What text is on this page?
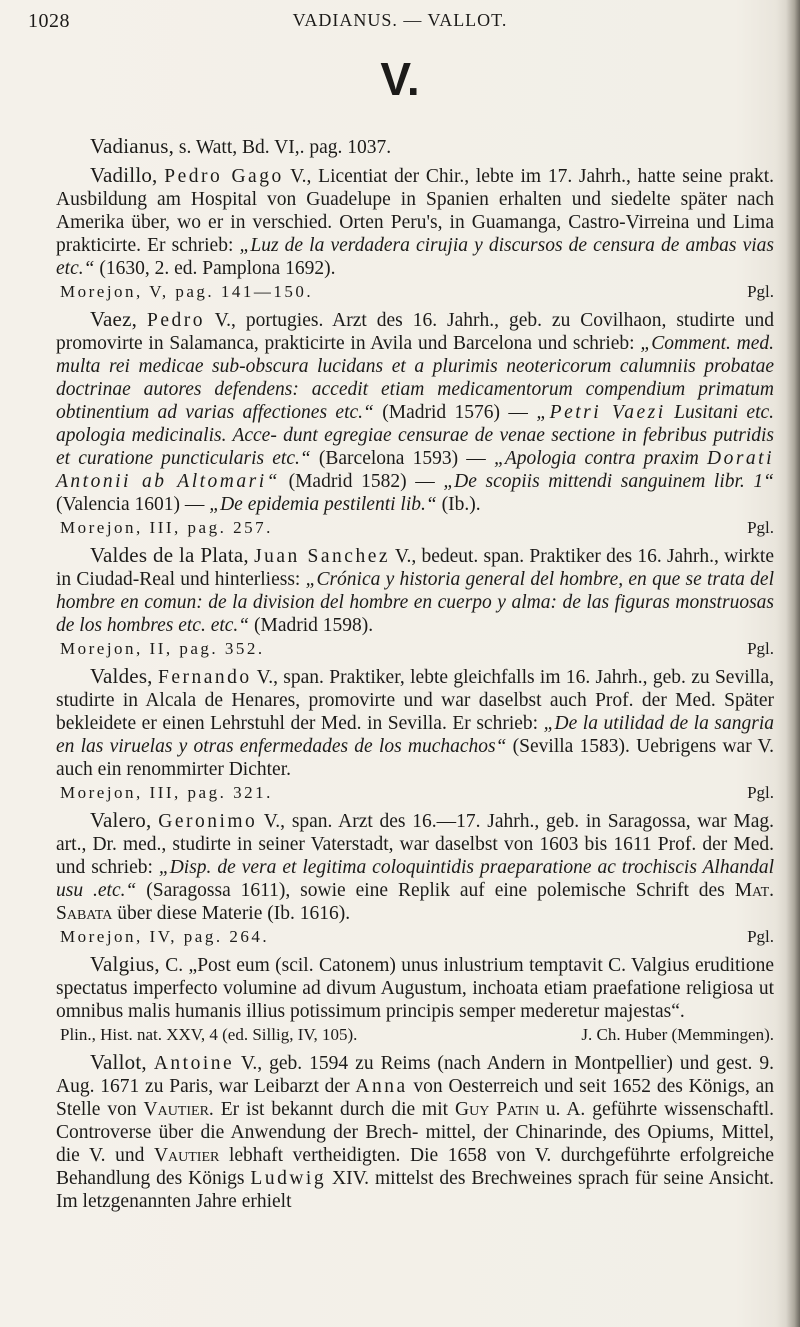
1028	VADIANUS. — VALLOT.
V.

Vadianus, s. Watt, Bd. VI,. pag. 1037.

Vadillo, Pedro Gago V., Licentiat der Chir., lebte im 17. Jahrh., hatte seine prakt. Ausbildung am Hospital von Guadelupe in Spanien erhalten und siedelte später nach Amerika über, wo er in verschied. Orten Peru's, in Guamanga, Castro-Virreina und Lima prakticirte. Er schrieb: „Luz de la verdadera cirujia y discursos de censura de ambas vias etc.“ (1630, 2. ed. Pamplona 1692).

Morejon, V, pag. 141—150.	Pgl.

Vaez, Pedro V., portugies. Arzt des 16. Jahrh., geb. zu Covilhaon, studirte und promovirte in Salamanca, prakticirte in Avila und Barcelona und schrieb: „Comment. med. multa rei medicae sub-obscura lucidans et a plurimis neotericorum calumniis probatae doctrinae autores defendens: accedit etiam medicamentorum compendium primatum obtinentium ad varias affectiones etc.“ (Madrid 1576) — „Petri Vaezi Lusitani etc. apologia medicinalis. Acce- dunt egregiae censurae de venae sectione in febribus putridis et curatione puncticularis etc.“ (Barcelona 1593) — „Apologia contra praxim Dorati Antonii ab Altomari“ (Madrid 1582) — „De scopiis mittendi sanguinem libr. 1“ (Valencia 1601) — „De epidemia pestilenti lib.“ (Ib.).

Morejon, III, pag. 257.	Pgl.

Valdes de la Plata, Juan Sanchez V., bedeut. span. Praktiker des 16. Jahrh., wirkte in Ciudad-Real und hinterliess: „Crónica y historia general del hombre, en que se trata del hombre en comun: de la division del hombre en cuerpo y alma: de las figuras monstruosas de los hombres etc. etc.“ (Madrid 1598).

Morejon, II, pag. 352.	Pgl.

Valdes, Fernando V., span. Praktiker, lebte gleichfalls im 16. Jahrh., geb. zu Sevilla, studirte in Alcala de Henares, promovirte und war daselbst auch Prof. der Med. Später bekleidete er einen Lehrstuhl der Med. in Sevilla. Er schrieb: „De la utilidad de la sangria en las viruelas y otras enfermedades de los muchachos“ (Sevilla 1583). Uebrigens war V. auch ein renommirter Dichter.

Morejon, III, pag. 321.	Pgl.

Valero, Geronimo V., span. Arzt des 16.—17. Jahrh., geb. in Saragossa, war Mag. art., Dr. med., studirte in seiner Vaterstadt, war daselbst von 1603 bis 1611 Prof. der Med. und schrieb: „Disp. de vera et legitima coloquintidis praeparatione ac trochiscis Alhandal usu .etc.“ (Saragossa 1611), sowie eine Replik auf eine polemische Schrift des Mat. Sabata über diese Materie (Ib. 1616).

Morejon, IV, pag. 264.	Pgl.

Valgius, C. „Post eum (scil. Catonem) unus inlustrium temptavit C. Valgius eruditione spectatus imperfecto volumine ad divum Augustum, inchoata etiam praefatione religiosa ut omnibus malis humanis illius potissimum principis semper mederetur majestas“.

Plin., Hist. nat. XXV, 4 (ed. Sillig, IV, 105).	J. Ch. Huber (Memmingen).

Vallot, Antoine V., geb. 1594 zu Reims (nach Andern in Montpellier) und gest. 9. Aug. 1671 zu Paris, war Leibarzt der Anna von Oesterreich und seit 1652 des Königs, an Stelle von Vautier. Er ist bekannt durch die mit Guy Patin u. A. geführte wissenschaftl. Controverse über die Anwendung der Brech- mittel, der Chinarinde, des Opiums, Mittel, die V. und Vautier lebhaft vertheidigten. Die 1658 von V. durchgeführte erfolgreiche Behandlung des Königs Ludwig XIV. mittelst des Brechweines sprach für seine Ansicht. Im letzgenannten Jahre erhielt
